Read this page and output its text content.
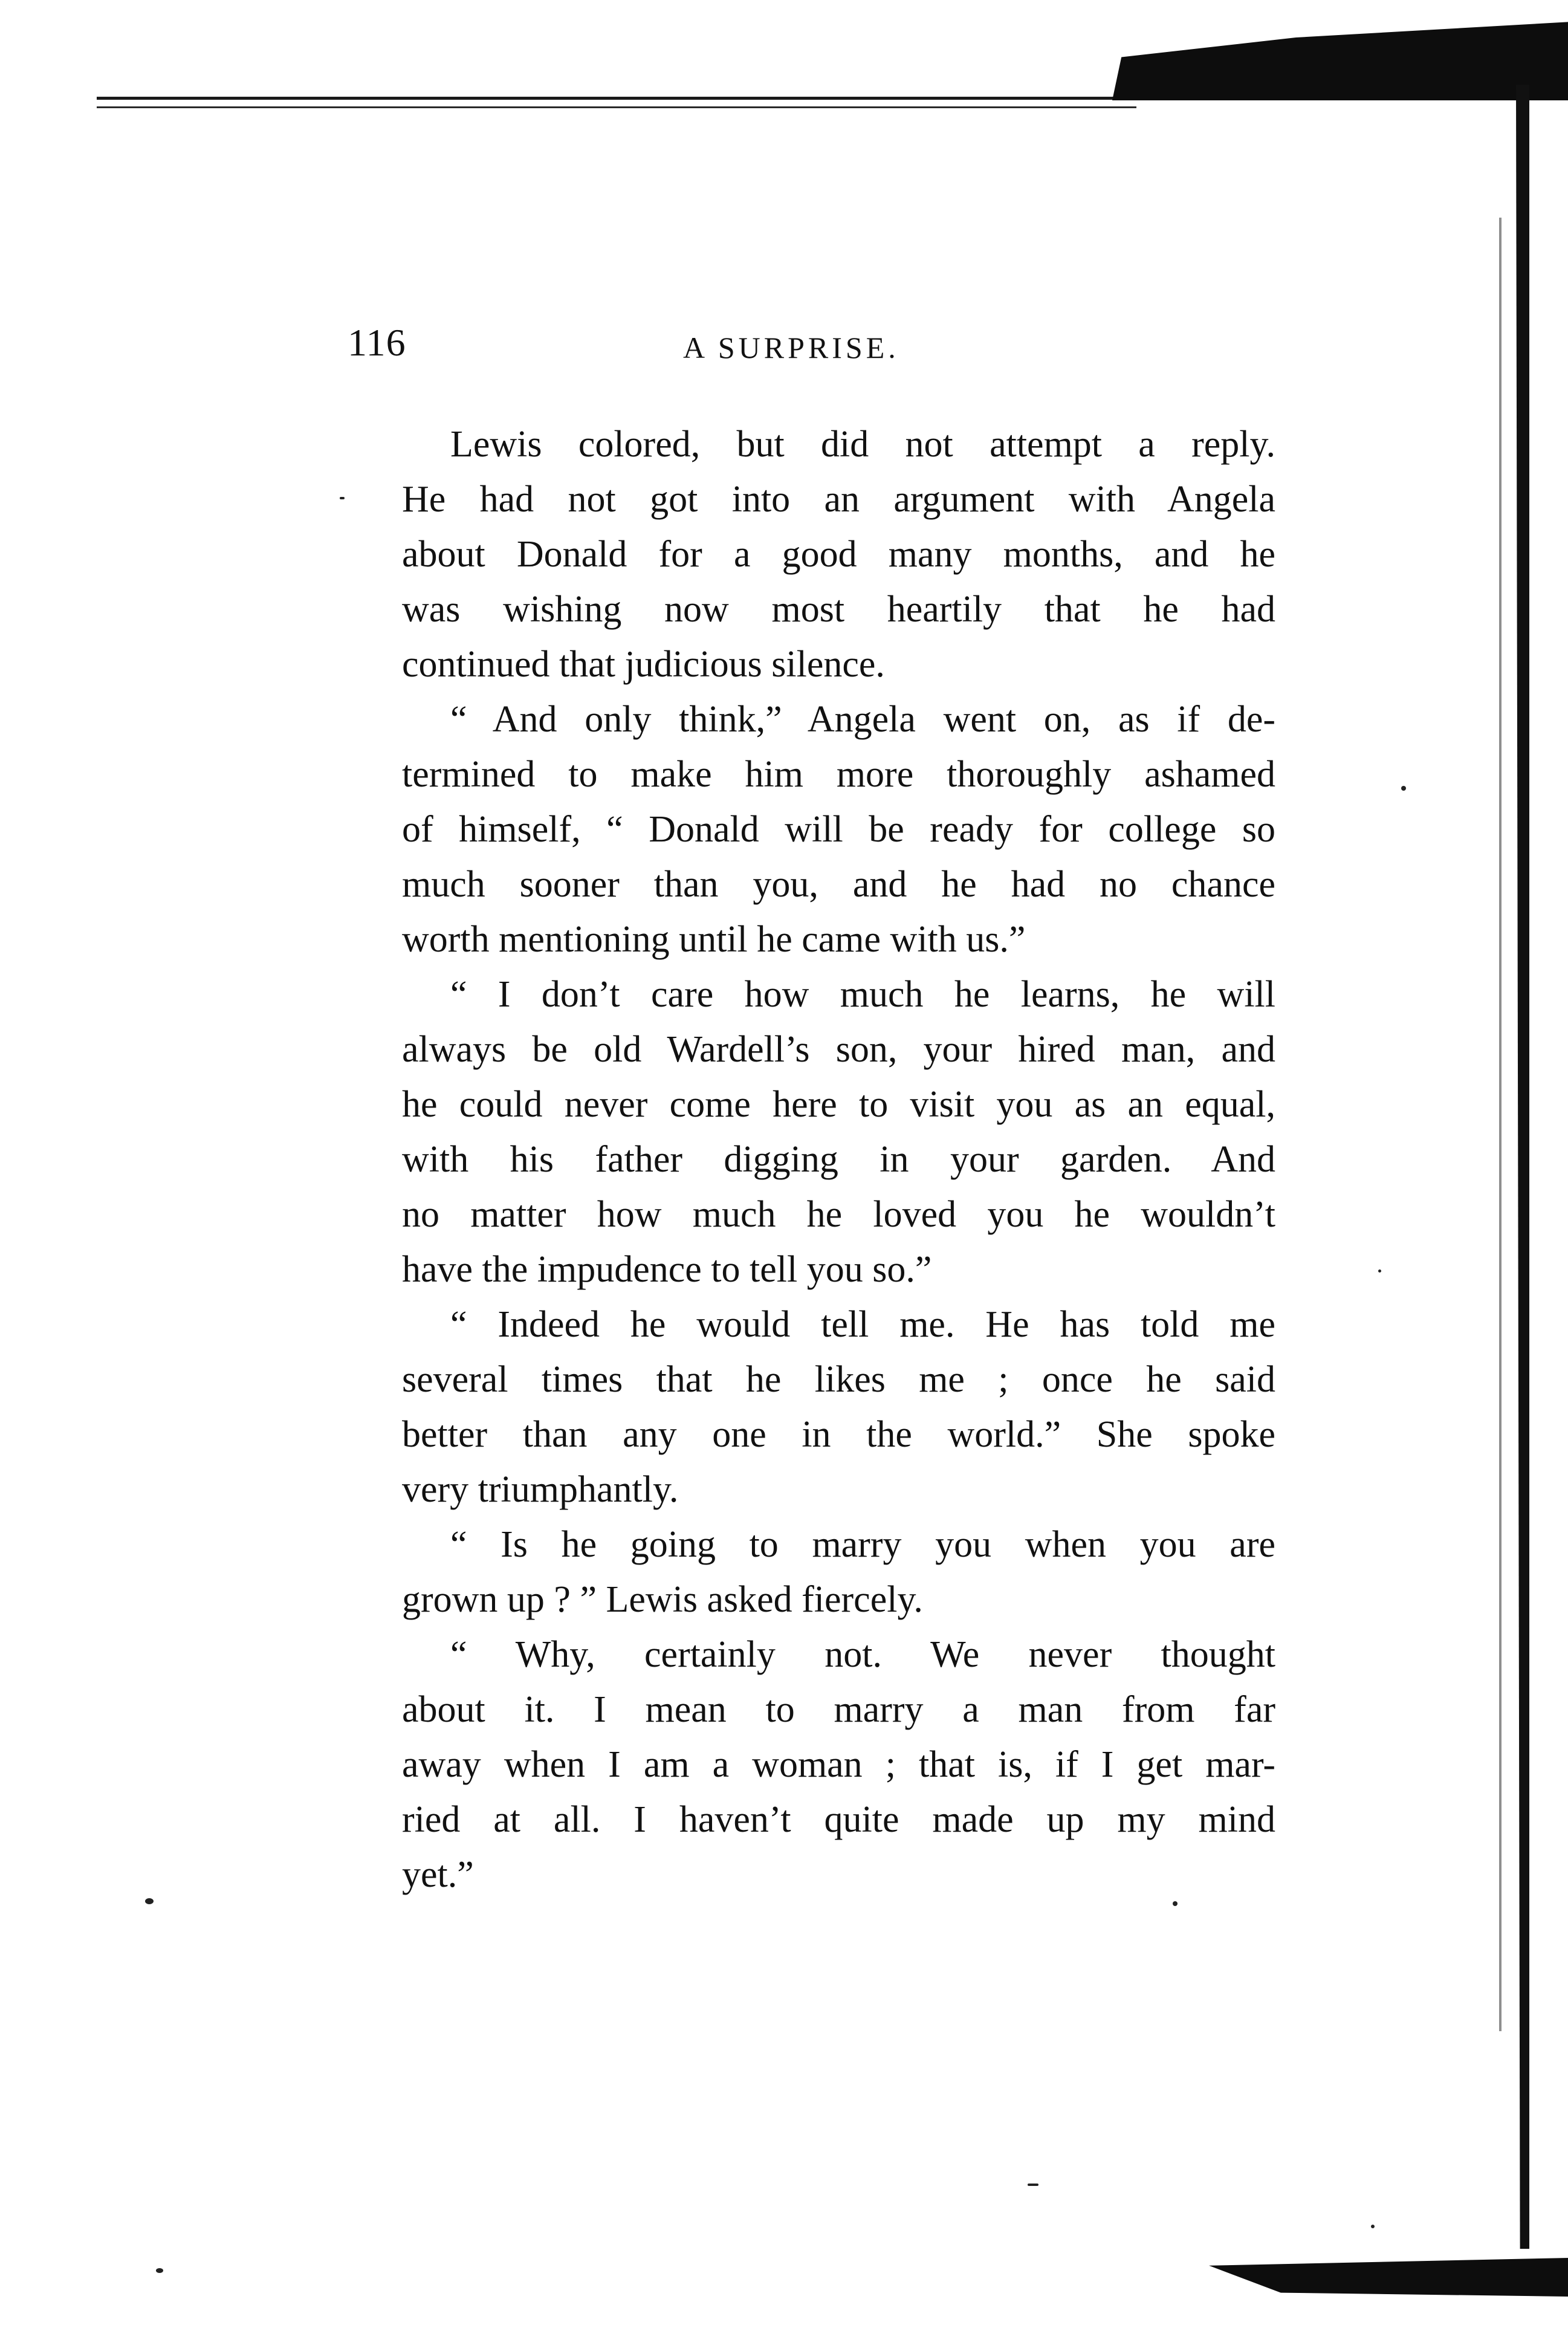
116	A SURPRISE.

Lewis colored, but did not attempt a reply.
He had not got into an argument with Angela
about Donald for a good many months, and he
was wishing now most heartily that he had
continued that judicious silence.

“ And only think,” Angela went on, as if de-
termined to make him more thoroughly ashamed
of himself, “ Donald will be ready for college so
much sooner than you, and he had no chance
worth mentioning until he came with us.”

“ I don’t care how much he learns, he will
always be old Wardell’s son, your hired man, and
he could never come here to visit you as an equal,
with his father digging in your garden. And
no matter how much he loved you he wouldn’t
have the impudence to tell you so.”

“ Indeed he would tell me. He has told me
several times that he likes me ; once he said
better than any one in the world.” She spoke
very triumphantly.

“ Is he going to marry you when you are
grown up ? ” Lewis asked fiercely.

“ Why, certainly not. We never thought
about it. I mean to marry a man from far
away when I am a woman ; that is, if I get mar-
ried at all. I haven’t quite made up my mind
yet.”
